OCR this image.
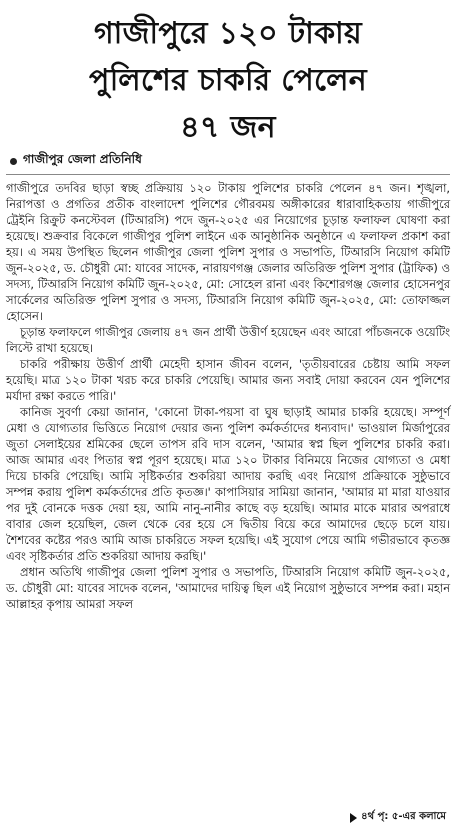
গাজীপুরে ১২০ টাকায়
পুলিশের চাকরি পেলেন
৪৭ জন
গাজীপুর জেলা প্রতিনিধি

গাজীপুরে তদবির ছাড়া স্বচ্ছ প্রক্রিয়ায় ১২০ টাকায় পুলিশের চাকরি পেলেন ৪৭ জন। শৃঙ্খলা, নিরাপত্তা ও প্রগতির প্রতীক বাংলাদেশ পুলিশের গৌরবময় অঙ্গীকারের ধারাবাহিকতায় গাজীপুরে ট্রেইনি রিক্রুট কনস্টেবল (টিআরসি) পদে জুন-২০২৫ এর নিয়োগের চূড়ান্ত ফলাফল ঘোষণা করা হয়েছে। শুক্রবার বিকেলে গাজীপুর পুলিশ লাইনে এক আনুষ্ঠানিক অনুষ্ঠানে এ ফলাফল প্রকাশ করা হয়। এ সময় উপস্থিত ছিলেন গাজীপুর জেলা পুলিশ সুপার ও সভাপতি, টিআরসি নিয়োগ কমিটি জুন-২০২৫, ড. চৌধুরী মো: যাবের সাদেক, নারায়ণগঞ্জ জেলার অতিরিক্ত পুলিশ সুপার (ট্রাফিক) ও সদস্য, টিআরসি নিয়োগ কমিটি জুন-২০২৫, মো: সোহেল রানা এবং কিশোরগঞ্জ জেলার হোসেনপুর সার্কেলের অতিরিক্ত পুলিশ সুপার ও সদস্য, টিআরসি নিয়োগ কমিটি জুন-২০২৫, মো: তোফাজ্জল হোসেন।

চূড়ান্ত ফলাফলে গাজীপুর জেলায় ৪৭ জন প্রার্থী উত্তীর্ণ হয়েছেন এবং আরো পাঁচজনকে ওয়েটিং লিস্টে রাখা হয়েছে।

চাকরি পরীক্ষায় উত্তীর্ণ প্রার্থী মেহেদী হাসান জীবন বলেন, 'তৃতীয়বারের চেষ্টায় আমি সফল হয়েছি। মাত্র ১২০ টাকা খরচ করে চাকরি পেয়েছি। আমার জন্য সবাই দোয়া করবেন যেন পুলিশের মর্যাদা রক্ষা করতে পারি।'

কানিজ সুবর্ণা কেয়া জানান, 'কোনো টাকা-পয়সা বা ঘুষ ছাড়াই আমার চাকরি হয়েছে। সম্পূর্ণ মেধা ও যোগ্যতার ভিত্তিতে নিয়োগ দেয়ার জন্য পুলিশ কর্মকর্তাদের ধন্যবাদ।' ভাওয়াল মির্জাপুরের জুতা সেলাইয়ের শ্রমিকের ছেলে তাপস রবি দাস বলেন, 'আমার স্বপ্ন ছিল পুলিশের চাকরি করা। আজ আমার এবং পিতার স্বপ্ন পূরণ হয়েছে। মাত্র ১২০ টাকার বিনিময়ে নিজের যোগ্যতা ও মেধা দিয়ে চাকরি পেয়েছি। আমি সৃষ্টিকর্তার শুকরিয়া আদায় করছি এবং নিয়োগ প্রক্রিয়াকে সুষ্ঠুভাবে সম্পন্ন করায় পুলিশ কর্মকর্তাদের প্রতি কৃতজ্ঞ।' কাপাসিয়ার সামিয়া জানান, 'আমার মা মারা যাওয়ার পর দুই বোনকে দত্তক দেয়া হয়, আমি নানু-নানীর কাছে বড় হয়েছি। আমার মাকে মারার অপরাধে বাবার জেল হয়েছিল, জেল থেকে বের হয়ে সে দ্বিতীয় বিয়ে করে আমাদের ছেড়ে চলে যায়। শৈশবের কষ্টের পরও আমি আজ চাকরিতে সফল হয়েছি। এই সুযোগ পেয়ে আমি গভীরভাবে কৃতজ্ঞ এবং সৃষ্টিকর্তার প্রতি শুকরিয়া আদায় করছি।'

প্রধান অতিথি গাজীপুর জেলা পুলিশ সুপার ও সভাপতি, টিআরসি নিয়োগ কমিটি জুন-২০২৫, ড. চৌধুরী মো: যাবের সাদেক বলেন, 'আমাদের দায়িত্ব ছিল এই নিয়োগ সুষ্ঠুভাবে সম্পন্ন করা। মহান আল্লাহর কৃপায় আমরা সফল

৪র্থ পৃ: ৫-এর কলামে
